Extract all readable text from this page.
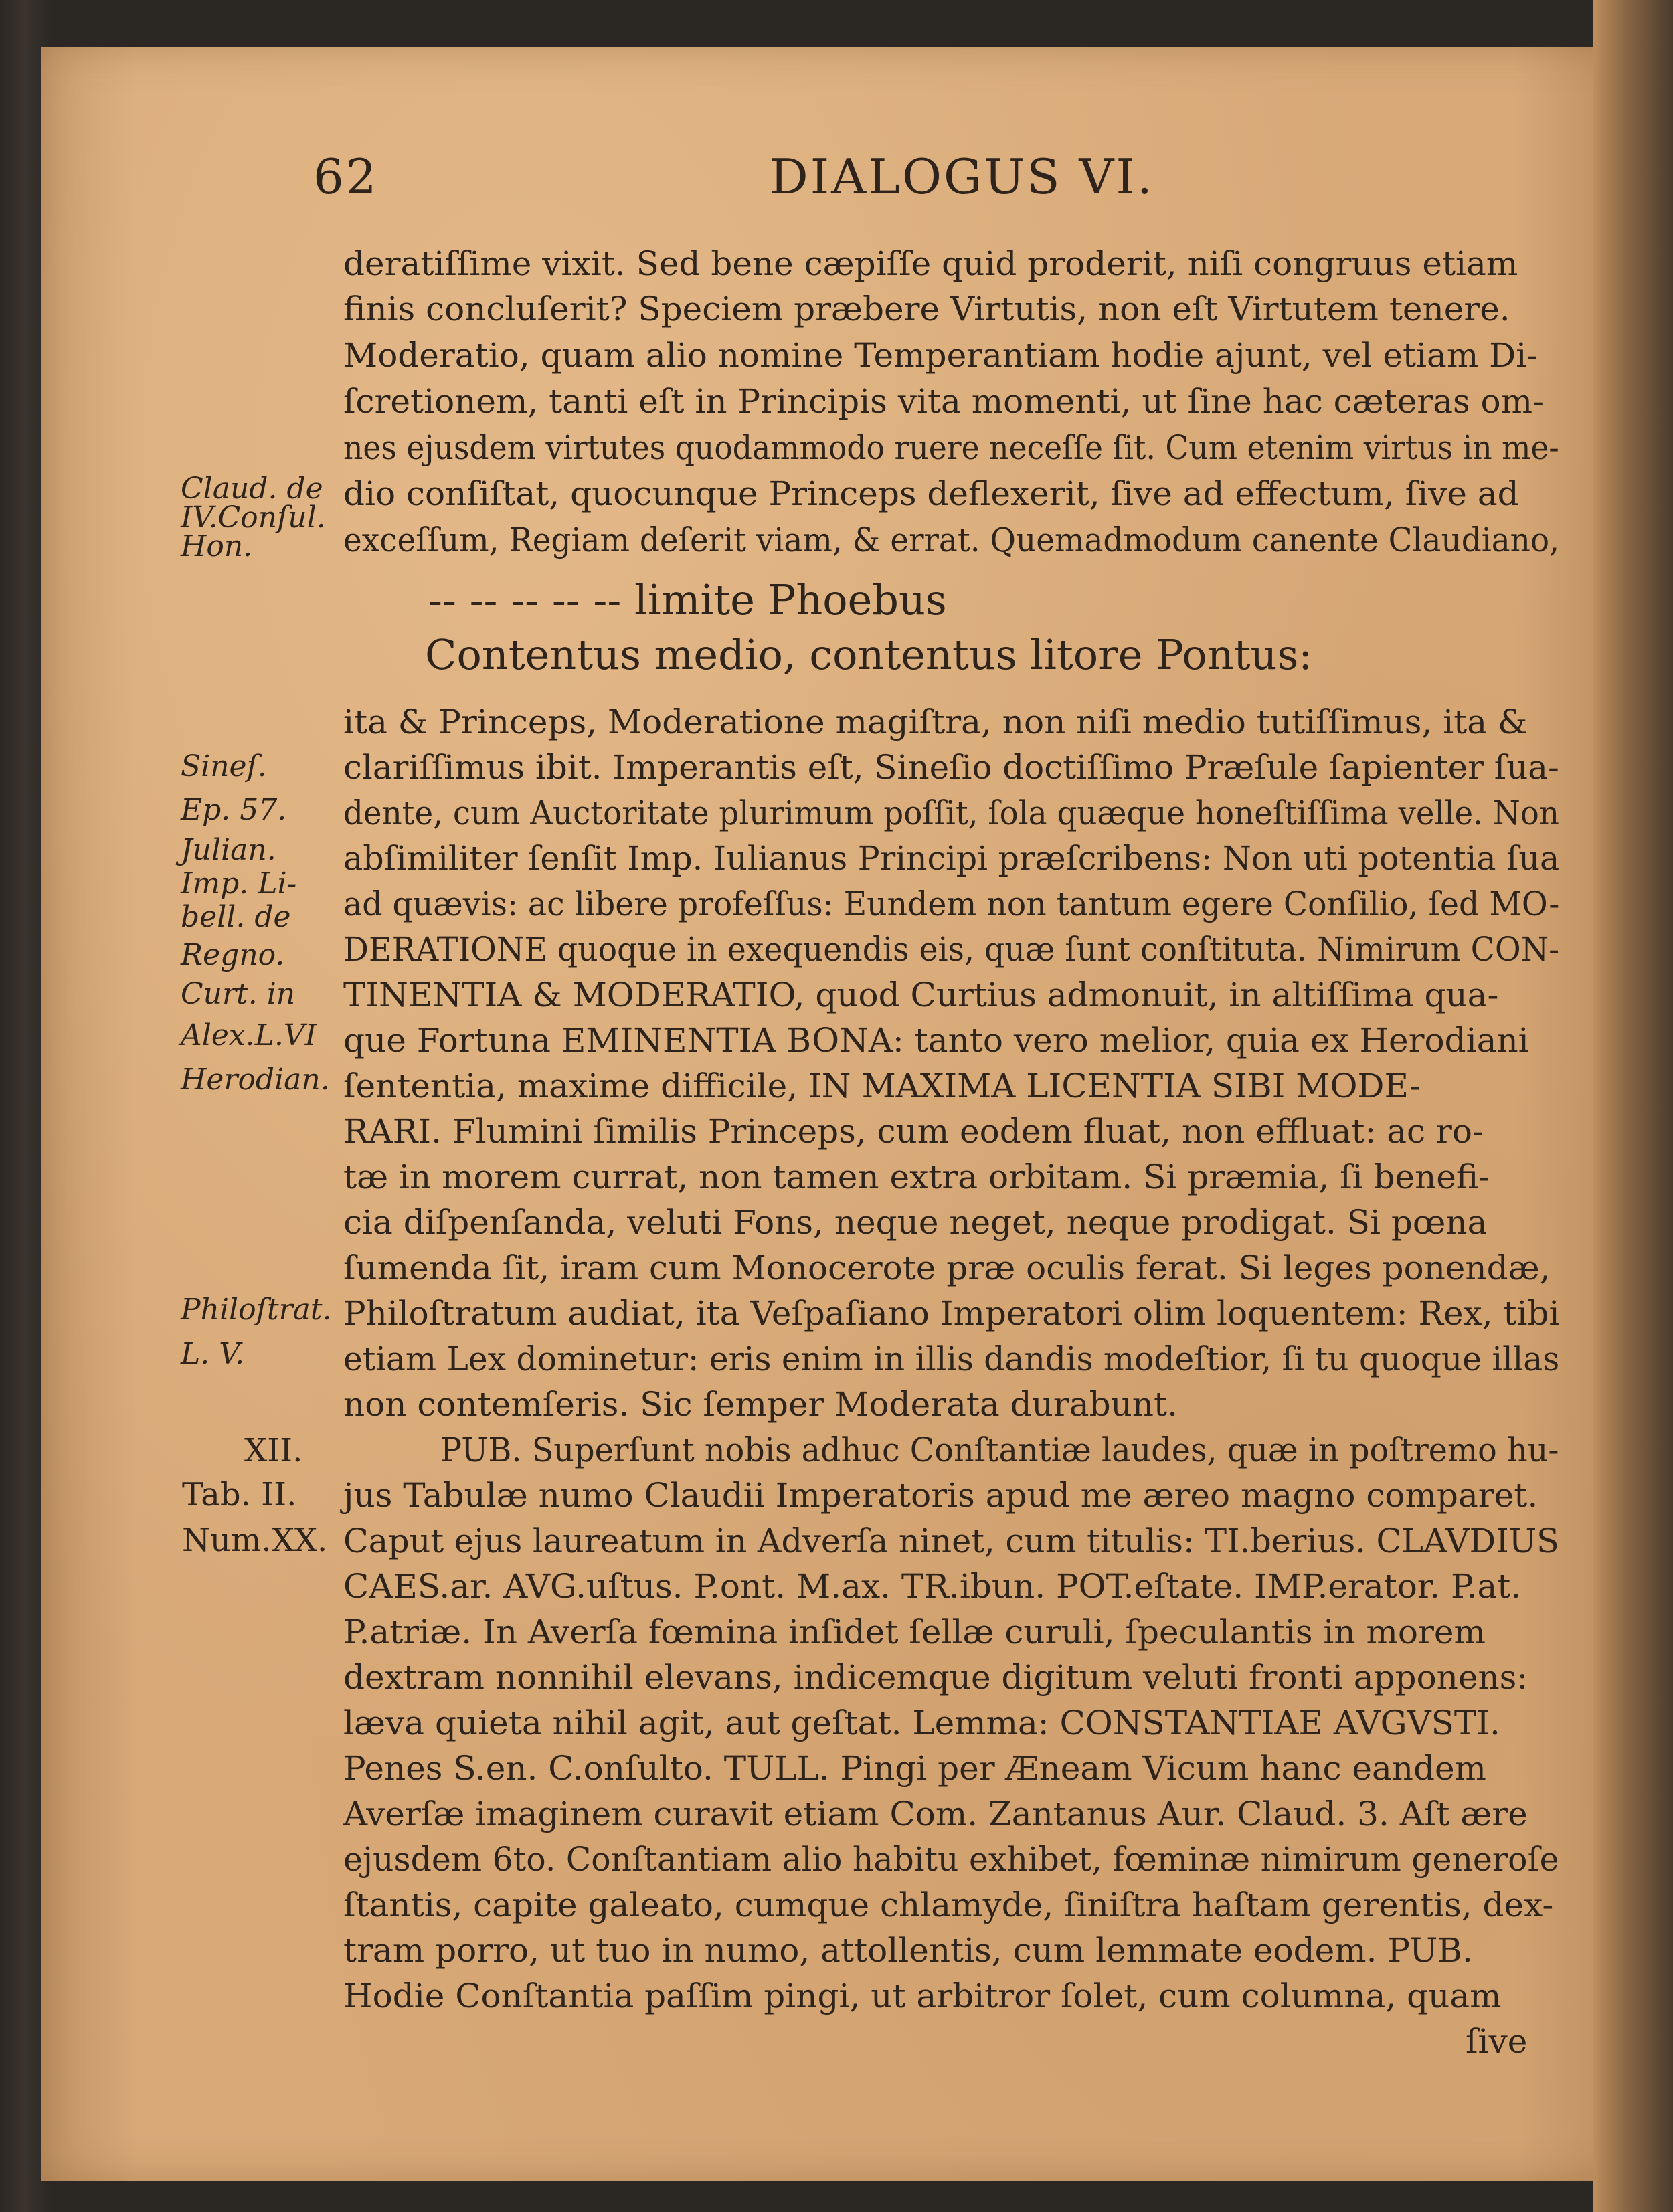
62	DIALOGUS VI.
deratiſſime vixit. Sed bene cæpiſſe quid proderit, niſi congruus etiam
finis concluſerit? Speciem præbere Virtutis, non eſt Virtutem tenere.
Moderatio, quam alio nomine Temperantiam hodie ajunt, vel etiam Di-
ſcretionem, tanti eſt in Principis vita momenti, ut ſine hac cæteras om-
nes ejusdem virtutes quodammodo ruere neceſſe ſit. Cum etenim virtus in me-
dio conſiſtat, quocunque Princeps deflexerit, ſive ad effectum, ſive ad
exceſſum, Regiam deſerit viam, & errat. Quemadmodum canente Claudiano,
-- -- -- -- -- limite Phoebus
Contentus medio, contentus litore Pontus:
ita & Princeps, Moderatione magiſtra, non niſi medio tutiſſimus, ita &
clariſſimus ibit. Imperantis eſt, Sineſio doctiſſimo Præſule ſapienter ſua-
dente, cum Auctoritate plurimum poſſit, ſola quæque honeſtiſſima velle. Non
abſimiliter ſenſit Imp. Iulianus Principi præſcribens: Non uti potentia ſua
ad quævis: ac libere profeſſus: Eundem non tantum egere Conſilio, ſed MO-
DERATIONE quoque in exequendis eis, quæ ſunt conſtituta. Nimirum CON-
TINENTIA & MODERATIO, quod Curtius admonuit, in altiſſima qua-
que Fortuna EMINENTIA BONA: tanto vero melior, quia ex Herodiani
ſententia, maxime difficile, IN MAXIMA LICENTIA SIBI MODE-
RARI. Flumini ſimilis Princeps, cum eodem fluat, non effluat: ac ro-
tæ in morem currat, non tamen extra orbitam. Si præmia, ſi benefi-
cia diſpenſanda, veluti Fons, neque neget, neque prodigat. Si pœna
ſumenda ſit, iram cum Monocerote præ oculis ferat. Si leges ponendæ,
Philoſtratum audiat, ita Veſpaſiano Imperatori olim loquentem: Rex, tibi
etiam Lex dominetur: eris enim in illis dandis modeſtior, ſi tu quoque illas
non contemſeris. Sic ſemper Moderata durabunt.
PUB. Superſunt nobis adhuc Conſtantiæ laudes, quæ in poſtremo hu-
jus Tabulæ numo Claudii Imperatoris apud me æreo magno comparet.
Caput ejus laureatum in Adverſa ninet, cum titulis: TI.berius. CLAVDIUS
CAES.ar. AVG.uſtus. P.ont. M.ax. TR.ibun. POT.eſtate. IMP.erator. P.at.
P.atriæ. In Averſa fœmina inſidet ſellæ curuli, ſpeculantis in morem
dextram nonnihil elevans, indicemque digitum veluti fronti apponens:
læva quieta nihil agit, aut geſtat. Lemma: CONSTANTIAE AVGVSTI.
Penes S.en. C.onſulto. TULL. Pingi per Æneam Vicum hanc eandem
Averſæ imaginem curavit etiam Com. Zantanus Aur. Claud. 3. Aſt ære
ejusdem 6to. Conſtantiam alio habitu exhibet, fœminæ nimirum generoſe
ſtantis, capite galeato, cumque chlamyde, ſiniſtra haſtam gerentis, dex-
tram porro, ut tuo in numo, attollentis, cum lemmate eodem. PUB.
Hodie Conſtantia paſſim pingi, ut arbitror ſolet, cum columna, quam
ſive
Claud. de
IV.Conſul.
Hon.
Sineſ.
Ep. 57.
Julian.
Imp. Li-
bell. de
Regno.
Curt. in
Alex.L.VI
Herodian.
Philoſtrat.
L. V.
XII.
Tab. II.
Num.XX.
